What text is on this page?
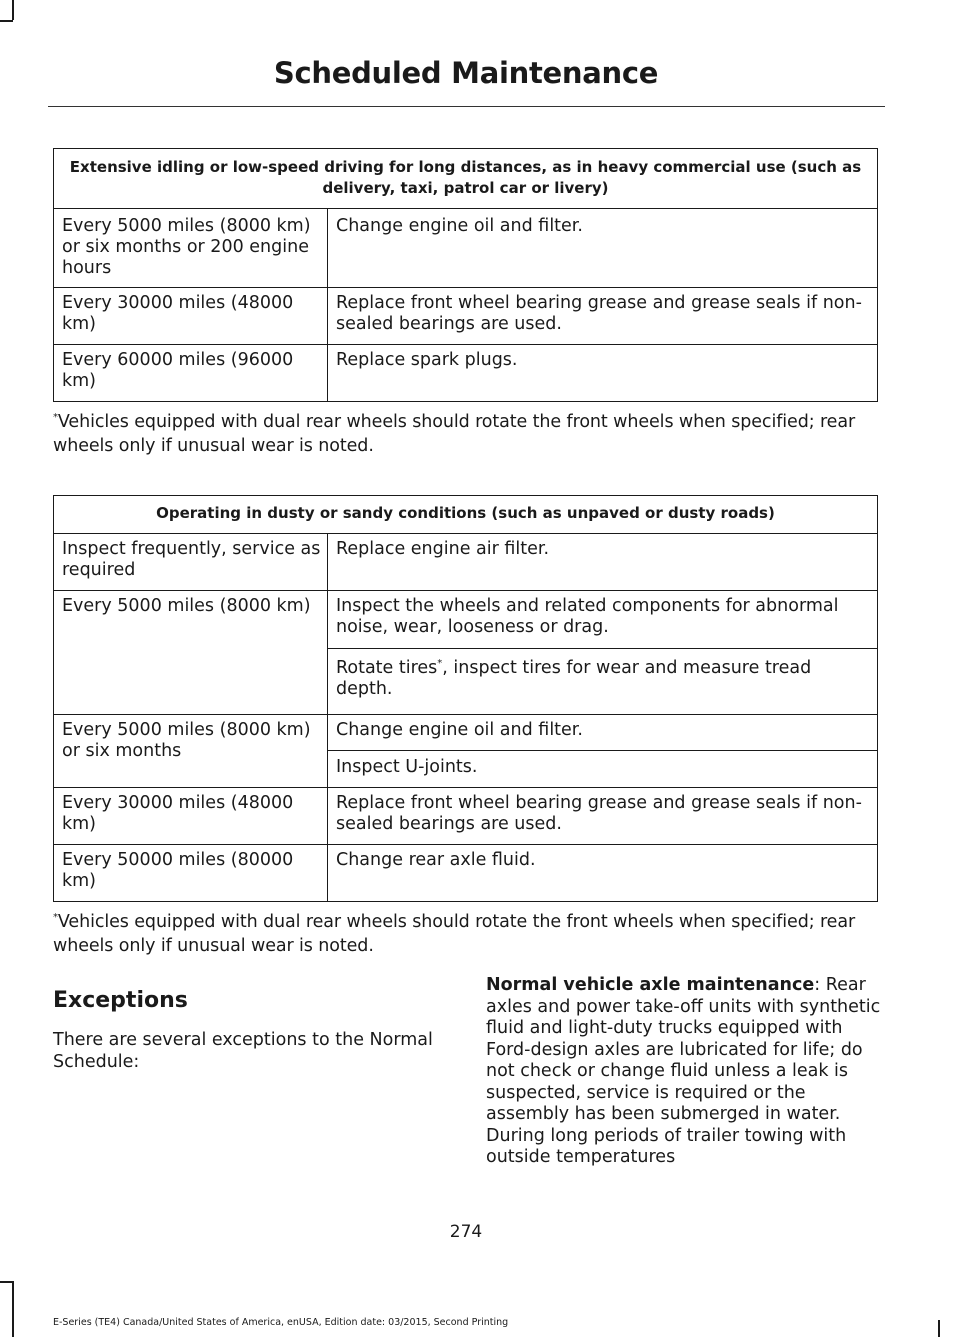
Scheduled Maintenance
Extensive idling or low-speed driving for long distances, as in heavy commercial use (such as delivery, taxi, patrol car or livery)	
Every 5000 miles (8000 km) or six months or 200 engine hours	Change engine oil and filter.
Every 30000 miles (48000 km)	Replace front wheel bearing grease and grease seals if non-sealed bearings are used.
Every 60000 miles (96000 km)	Replace spark plugs.
*Vehicles equipped with dual rear wheels should rotate the front wheels when specified; rear wheels only if unusual wear is noted.
Operating in dusty or sandy conditions (such as unpaved or dusty roads)	
Inspect frequently, service as required	Replace engine air filter.
Every 5000 miles (8000 km)	Inspect the wheels and related components for abnormal noise, wear, looseness or drag.
	Rotate tires*, inspect tires for wear and measure tread depth.
Every 5000 miles (8000 km) or six months	Change engine oil and filter.
	Inspect U-joints.
Every 30000 miles (48000 km)	Replace front wheel bearing grease and grease seals if non-sealed bearings are used.
Every 50000 miles (80000 km)	Change rear axle fluid.
*Vehicles equipped with dual rear wheels should rotate the front wheels when specified; rear wheels only if unusual wear is noted.
Exceptions
There are several exceptions to the Normal Schedule:
Normal vehicle axle maintenance: Rear axles and power take-off units with synthetic fluid and light-duty trucks equipped with Ford-design axles are lubricated for life; do not check or change fluid unless a leak is suspected, service is required or the assembly has been submerged in water. During long periods of trailer towing with outside temperatures
274
E-Series (TE4) Canada/United States of America, enUSA, Edition date: 03/2015, Second Printing
